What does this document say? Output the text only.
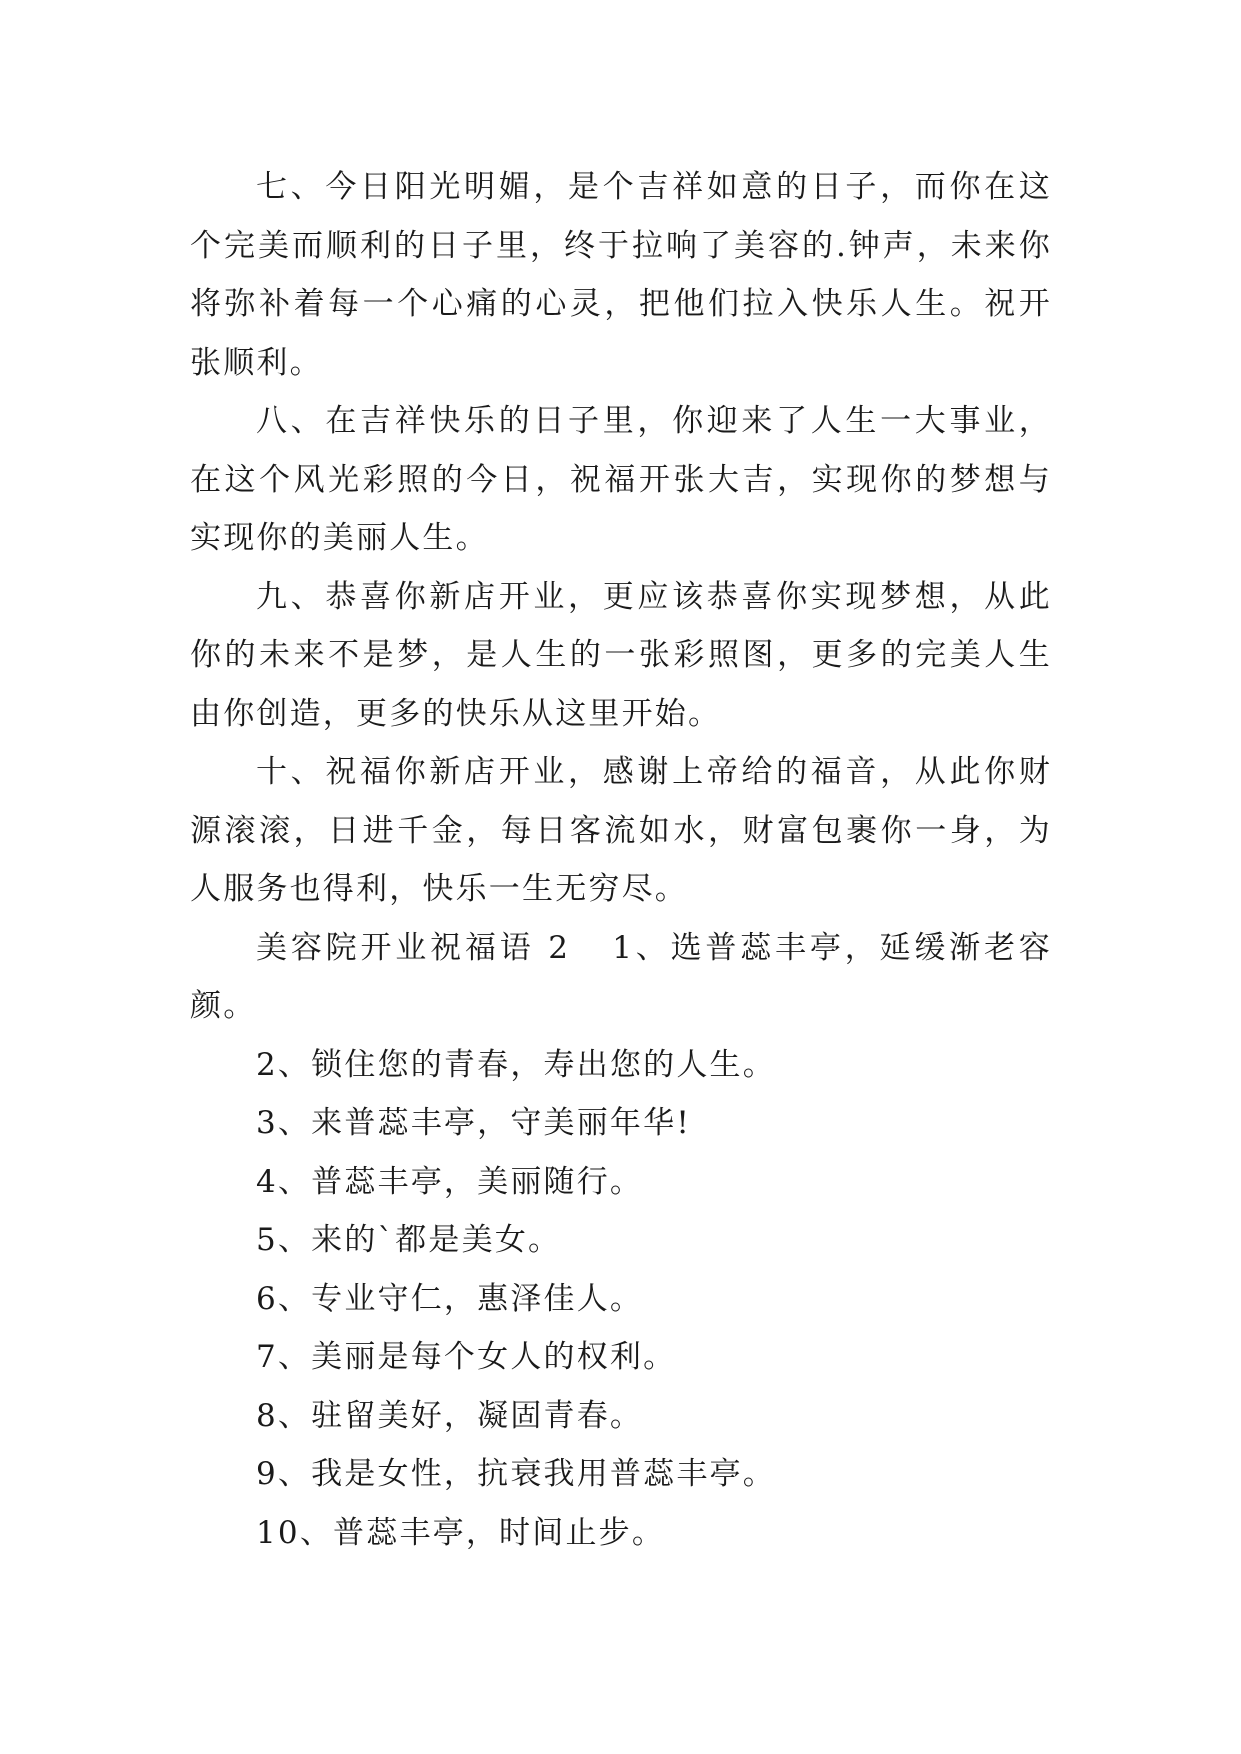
七、今日阳光明媚，是个吉祥如意的日子，而你在这个完美而顺利的日子里，终于拉响了美容的.钟声，未来你将弥补着每一个心痛的心灵，把他们拉入快乐人生。祝开张顺利。

八、在吉祥快乐的日子里，你迎来了人生一大事业，在这个风光彩照的今日，祝福开张大吉，实现你的梦想与实现你的美丽人生。

九、恭喜你新店开业，更应该恭喜你实现梦想，从此你的未来不是梦，是人生的一张彩照图，更多的完美人生由你创造，更多的快乐从这里开始。

十、祝福你新店开业，感谢上帝给的福音，从此你财源滚滚，日进千金，每日客流如水，财富包裹你一身，为人服务也得利，快乐一生无穷尽。

美容院开业祝福语 2 1、选普蕊丰亭，延缓渐老容颜。

2、锁住您的青春，寿出您的人生。

3、来普蕊丰亭，守美丽年华!

4、普蕊丰亭，美丽随行。

5、来的`都是美女。

6、专业守仁，惠泽佳人。

7、美丽是每个女人的权利。

8、驻留美好，凝固青春。

9、我是女性，抗衰我用普蕊丰亭。

10、普蕊丰亭，时间止步。
